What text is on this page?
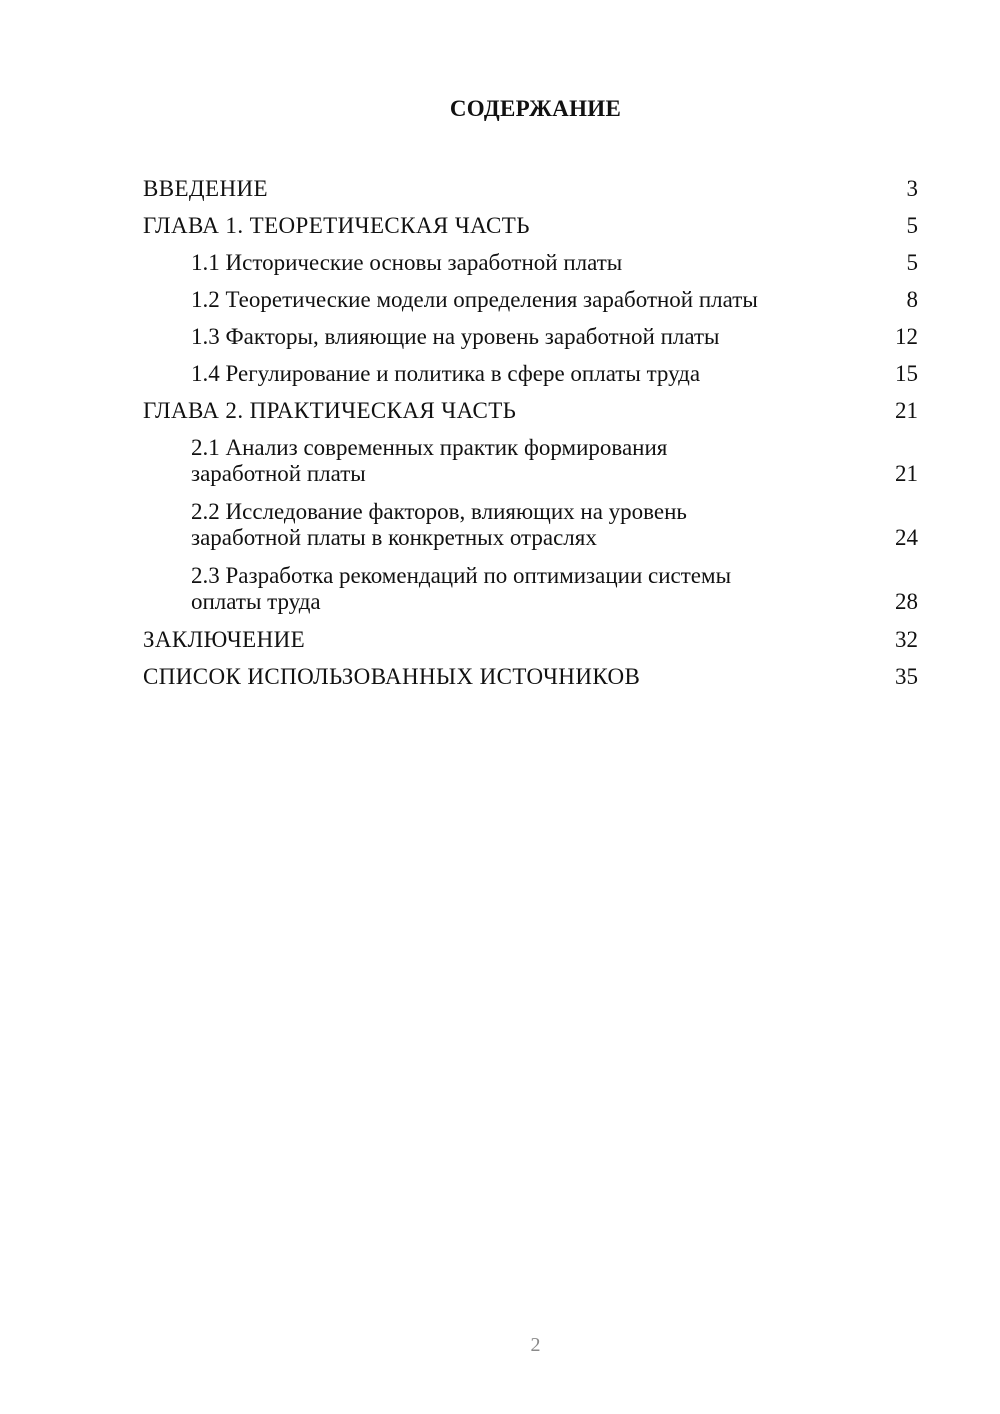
СОДЕРЖАНИЕ
ВВЕДЕНИЕ	3
ГЛАВА 1. ТЕОРЕТИЧЕСКАЯ ЧАСТЬ	5
1.1 Исторические основы заработной платы	5
1.2 Теоретические модели определения заработной платы	8
1.3 Факторы, влияющие на уровень заработной платы	12
1.4 Регулирование и политика в сфере оплаты труда	15
ГЛАВА 2. ПРАКТИЧЕСКАЯ ЧАСТЬ	21
2.1 Анализ современных практик формирования заработной платы	21
2.2 Исследование факторов, влияющих на уровень заработной платы в конкретных отраслях	24
2.3 Разработка рекомендаций по оптимизации системы оплаты труда	28
ЗАКЛЮЧЕНИЕ	32
СПИСОК ИСПОЛЬЗОВАННЫХ ИСТОЧНИКОВ	35
2
